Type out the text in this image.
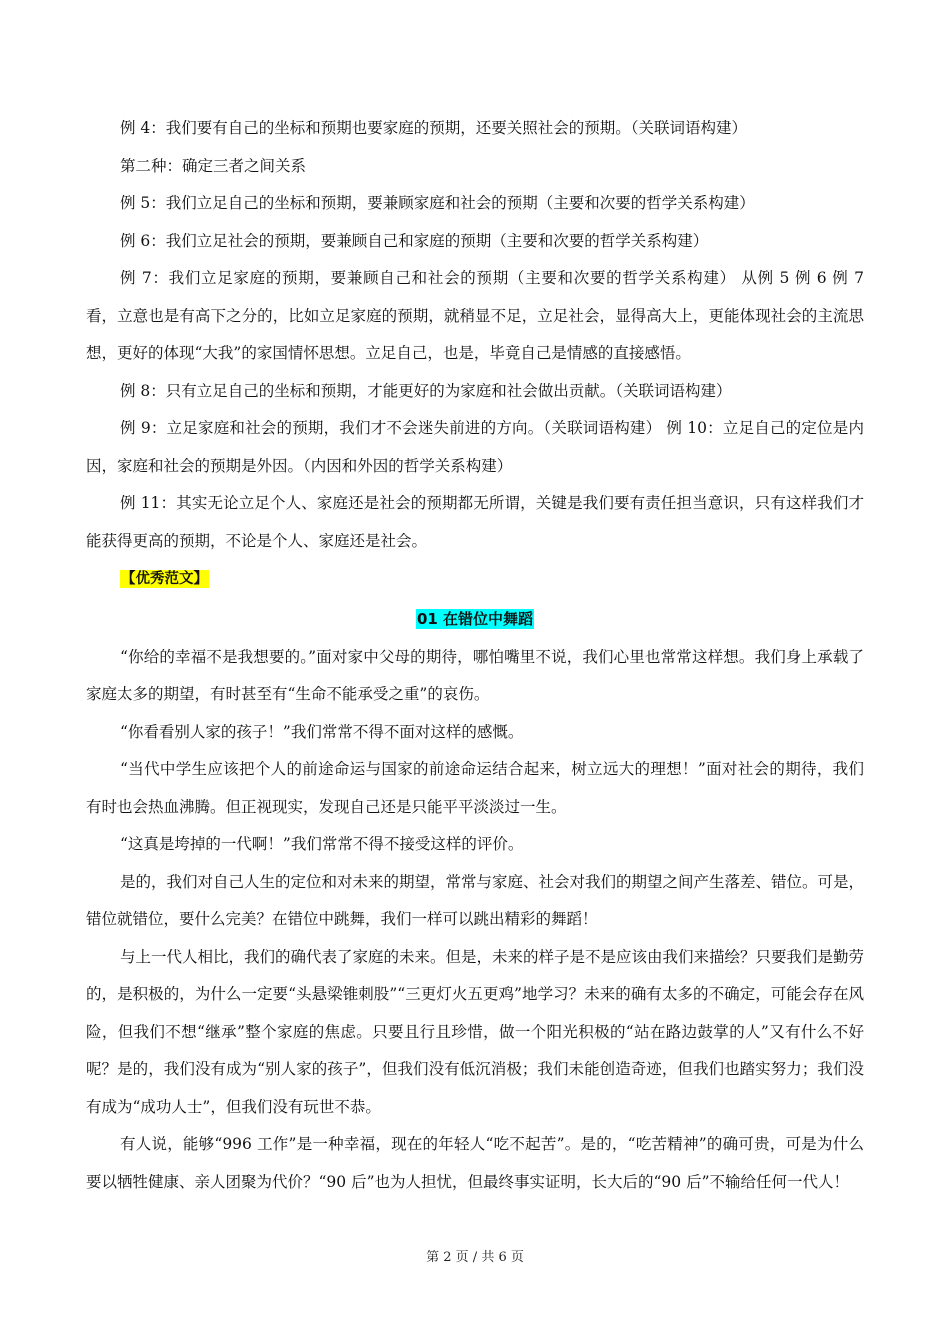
例 4：我们要有自己的坐标和预期也要家庭的预期，还要关照社会的预期。（关联词语构建）

第二种：确定三者之间关系

例 5：我们立足自己的坐标和预期，要兼顾家庭和社会的预期（主要和次要的哲学关系构建）

例 6：我们立足社会的预期，要兼顾自己和家庭的预期（主要和次要的哲学关系构建）

例 7：我们立足家庭的预期，要兼顾自己和社会的预期（主要和次要的哲学关系构建） 从例 5 例 6 例 7 看，立意也是有高下之分的，比如立足家庭的预期，就稍显不足，立足社会，显得高大上，更能体现社会的主流思想，更好的体现“大我”的家国情怀思想。立足自己，也是，毕竟自己是情感的直接感悟。

例 8：只有立足自己的坐标和预期，才能更好的为家庭和社会做出贡献。（关联词语构建）

例 9：立足家庭和社会的预期，我们才不会迷失前进的方向。（关联词语构建） 例 10：立足自己的定位是内因，家庭和社会的预期是外因。（内因和外因的哲学关系构建）

例 11：其实无论立足个人、家庭还是社会的预期都无所谓，关键是我们要有责任担当意识，只有这样我们才能获得更高的预期，不论是个人、家庭还是社会。

【优秀范文】

01 在错位中舞蹈

“你给的幸福不是我想要的。”面对家中父母的期待，哪怕嘴里不说，我们心里也常常这样想。我们身上承载了家庭太多的期望，有时甚至有“生命不能承受之重”的哀伤。

“你看看别人家的孩子！”我们常常不得不面对这样的感慨。

“当代中学生应该把个人的前途命运与国家的前途命运结合起来，树立远大的理想！”面对社会的期待，我们有时也会热血沸腾。但正视现实，发现自己还是只能平平淡淡过一生。

“这真是垮掉的一代啊！”我们常常不得不接受这样的评价。

是的，我们对自己人生的定位和对未来的期望，常常与家庭、社会对我们的期望之间产生落差、错位。可是，错位就错位，要什么完美？在错位中跳舞，我们一样可以跳出精彩的舞蹈！

与上一代人相比，我们的确代表了家庭的未来。但是，未来的样子是不是应该由我们来描绘？只要我们是勤劳的，是积极的，为什么一定要“头悬梁锥刺股”“三更灯火五更鸡”地学习？未来的确有太多的不确定，可能会存在风险，但我们不想“继承”整个家庭的焦虑。只要且行且珍惜，做一个阳光积极的“站在路边鼓掌的人”又有什么不好呢？是的，我们没有成为“别人家的孩子”，但我们没有低沉消极；我们未能创造奇迹，但我们也踏实努力；我们没有成为“成功人士”，但我们没有玩世不恭。

有人说，能够“996 工作”是一种幸福，现在的年轻人“吃不起苦”。是的，“吃苦精神”的确可贵，可是为什么要以牺牲健康、亲人团聚为代价？“90 后”也为人担忧，但最终事实证明，长大后的“90 后”不输给任何一代人！

第 2 页 / 共 6 页
